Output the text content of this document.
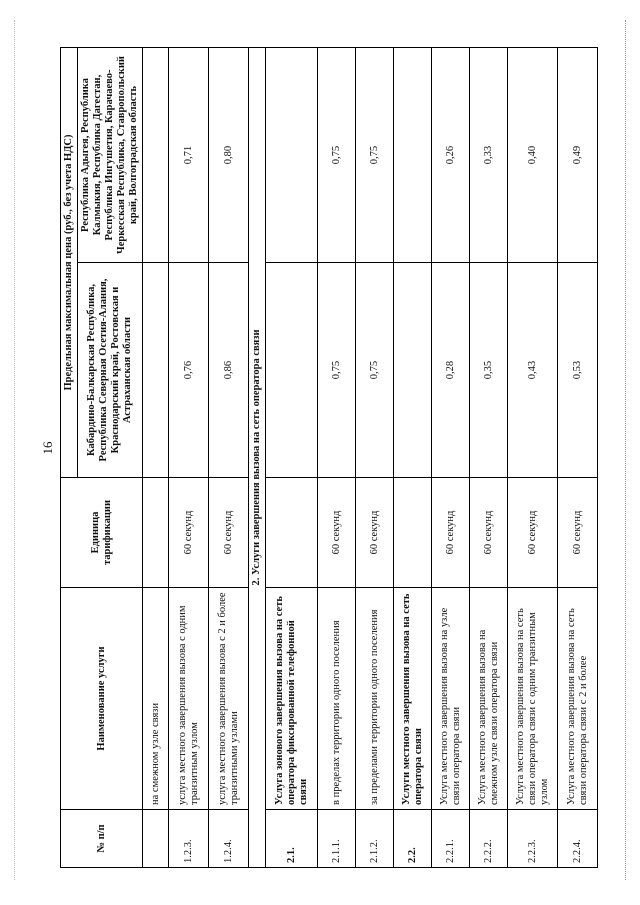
16
№ п/п	Наименование услуги	Единица тарификации	Предельная максимальная цена (руб., без учета НДС)	
			Кабардино-Балкарская Республика, Республика Северная Осетия-Алания, Краснодарский край, Ростовская и Астраханская области	Республика Адыгея, Республика Калмыкия, Республика Дагестан, Республика Ингушетия, Карачаево-Черкесская Республика, Ставропольский край, Волгоградская область
	на смежном узле связи			
1.2.3.	услуга местного завершения вызова с одним транзитным узлом	60 секунд	0,76	0,71
1.2.4.	услуга местного завершения вызова с 2 и более транзитными узлами	60 секунд	0,86	0,80
2. Услуги завершения вызова на сеть оператора связи				
2.1.	Услуга зонового завершения вызова на сеть оператора фиксированной телефонной связи			
2.1.1.	в пределах территории одного поселения	60 секунд	0,75	0,75
2.1.2.	за пределами территории одного поселения	60 секунд	0,75	0,75
2.2.	Услуги местного завершения вызова на сеть оператора связи			
2.2.1.	Услуга местного завершения вызова на узле связи оператора связи	60 секунд	0,28	0,26
2.2.2.	Услуга местного завершения вызова на смежном узле связи оператора связи	60 секунд	0,35	0,33
2.2.3.	Услуга местного завершения вызова на сеть связи оператора связи с одним транзитным узлом	60 секунд	0,43	0,40
2.2.4.	Услуга местного завершения вызова на сеть связи оператора связи с 2 и более	60 секунд	0,53	0,49
